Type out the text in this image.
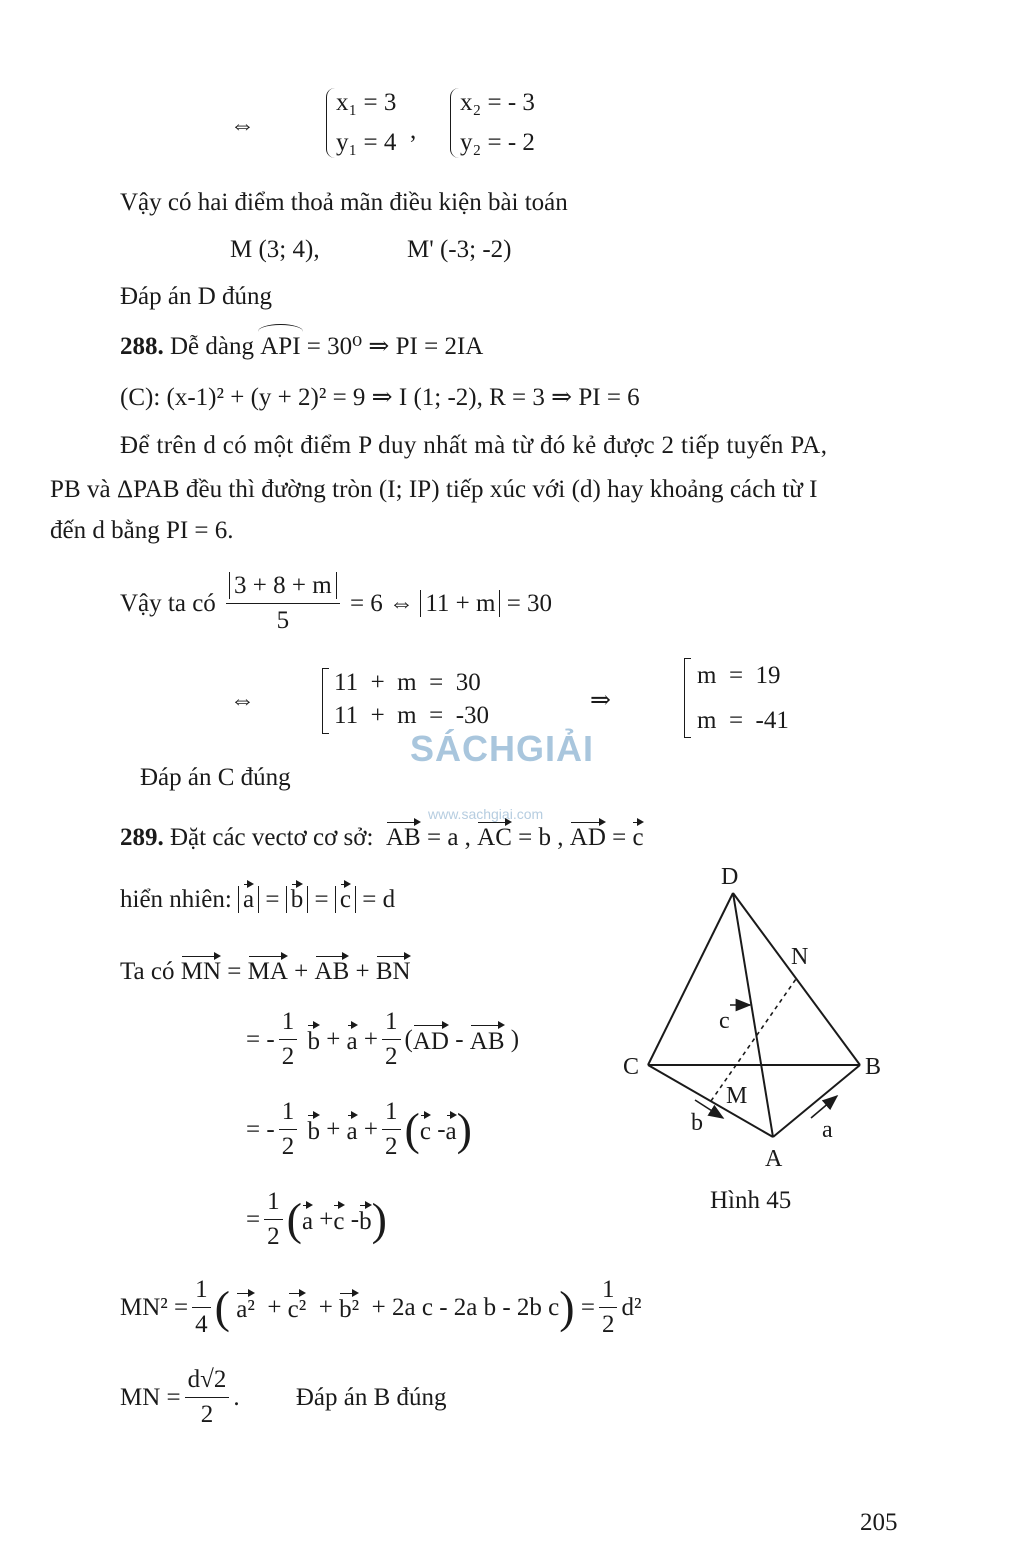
⇔
x₁ = 3
y₁ = 4 ,
x₂ = - 3
y₂ = - 2
Vậy có hai điểm thoả mãn điều kiện bài toán
M (3; 4),	M' (-3; -2)
Đáp án D đúng
288. Dễ dàng API = 30⁰ ⇒ PI = 2IA
(C): (x-1)² + (y + 2)² = 9 ⇒ I (1; -2), R = 3 ⇒ PI = 6
Để trên d có một điểm P duy nhất mà từ đó kẻ được 2 tiếp tuyến PA,
PB và ΔPAB đều thì đường tròn (I; IP) tiếp xúc với (d) hay khoảng cách từ I
đến d bằng PI = 6.
Vậy ta có $\frac{3 + 8 + m}{5} = 6$ ⇔ 11 + m = 30
⇔
11  +  m  =  30
11  +  m  =  -30
⇒
m  =  19
m  =  -41
Đáp án C đúng
SÁCHGIẢI
www.sachgiai.com
289. Đặt các vectơ cơ sở: AB = a , AC = b , AD = c
hiển nhiên: a = b = c = d
Ta có MN = MA + AB + BN
= - $\frac{1}{2}$ $b + a + \frac{1}{2} (AD$ - AB )
= - $\frac{1}{2}$ $b + a + \frac{1}{2} (c$ -a)
= $\frac{1}{2} (a +c$ -b)
$MN^2 = \frac{1}{4}$ ( a²  + c²  + b²  + 2a c - 2a b - 2b $c) = \frac{1}{2} d^2$
MN = $\frac{d√2}{2}$ . Đáp án B đúng
D
N
c
C	B
M
b	a
A
Hình 45
205
